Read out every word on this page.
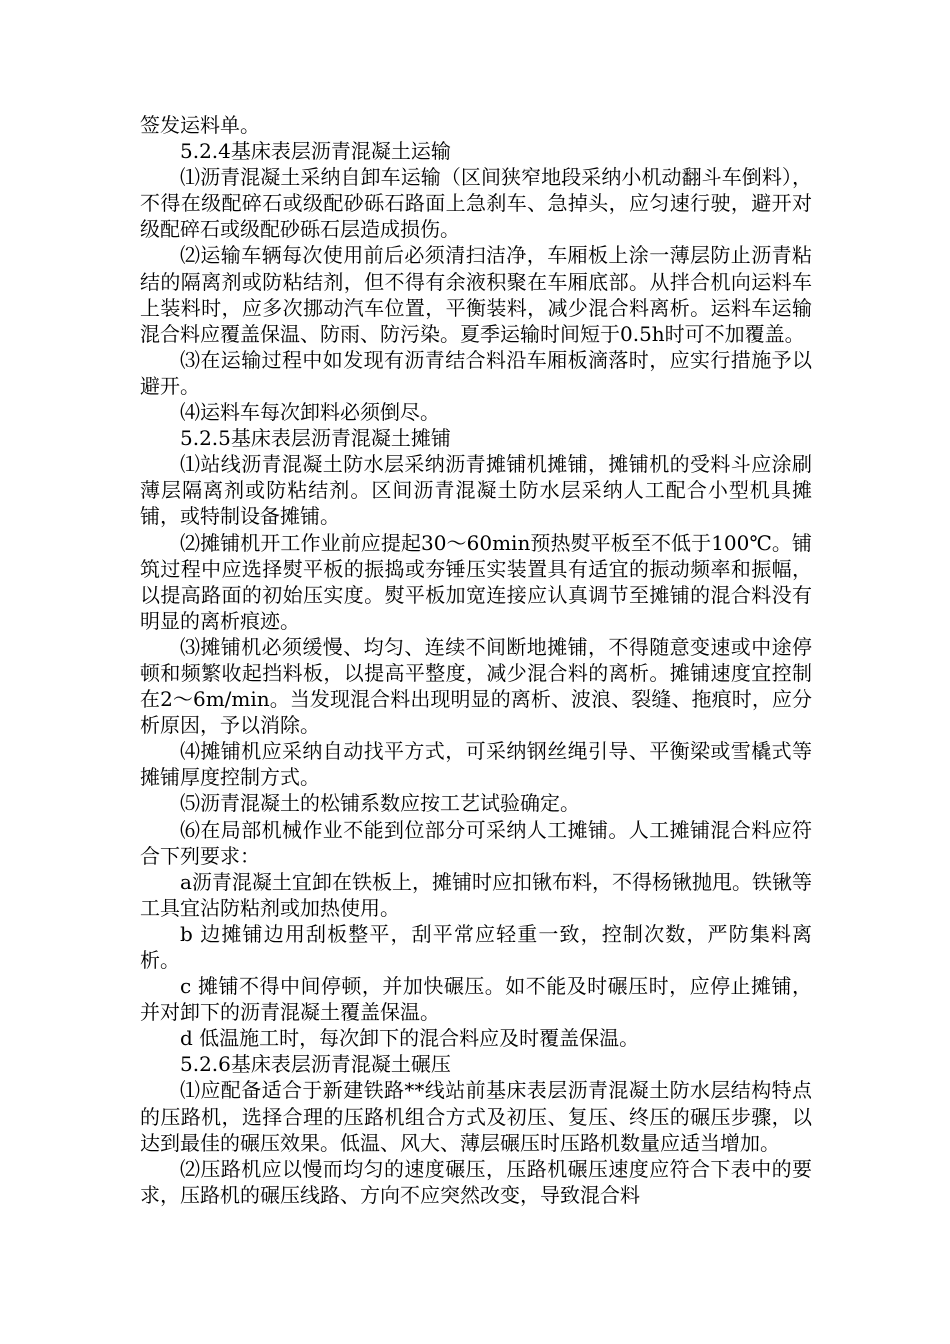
签发运料单。

5.2.4基床表层沥青混凝土运输

⑴沥青混凝土采纳自卸车运输（区间狭窄地段采纳小机动翻斗车倒料），不得在级配碎石或级配砂砾石路面上急刹车、急掉头，应匀速行驶，避开对级配碎石或级配砂砾石层造成损伤。

⑵运输车辆每次使用前后必须清扫洁净，车厢板上涂一薄层防止沥青粘结的隔离剂或防粘结剂，但不得有余液积聚在车厢底部。从拌合机向运料车上装料时，应多次挪动汽车位置，平衡装料，减少混合料离析。运料车运输混合料应覆盖保温、防雨、防污染。夏季运输时间短于0.5h时可不加覆盖。

⑶在运输过程中如发现有沥青结合料沿车厢板滴落时，应实行措施予以避开。

⑷运料车每次卸料必须倒尽。

5.2.5基床表层沥青混凝土摊铺

⑴站线沥青混凝土防水层采纳沥青摊铺机摊铺，摊铺机的受料斗应涂刷薄层隔离剂或防粘结剂。区间沥青混凝土防水层采纳人工配合小型机具摊铺，或特制设备摊铺。

⑵摊铺机开工作业前应提起30～60min预热熨平板至不低于100℃。铺筑过程中应选择熨平板的振捣或夯锤压实装置具有适宜的振动频率和振幅，以提高路面的初始压实度。熨平板加宽连接应认真调节至摊铺的混合料没有明显的离析痕迹。

⑶摊铺机必须缓慢、均匀、连续不间断地摊铺，不得随意变速或中途停顿和频繁收起挡料板，以提高平整度，减少混合料的离析。摊铺速度宜控制在2～6m/min。当发现混合料出现明显的离析、波浪、裂缝、拖痕时，应分析原因，予以消除。

⑷摊铺机应采纳自动找平方式，可采纳钢丝绳引导、平衡梁或雪橇式等摊铺厚度控制方式。

⑸沥青混凝土的松铺系数应按工艺试验确定。

⑹在局部机械作业不能到位部分可采纳人工摊铺。人工摊铺混合料应符合下列要求：

a沥青混凝土宜卸在铁板上，摊铺时应扣锹布料，不得杨锹抛甩。铁锹等工具宜沾防粘剂或加热使用。

b 边摊铺边用刮板整平，刮平常应轻重一致，控制次数，严防集料离析。

c 摊铺不得中间停顿，并加快碾压。如不能及时碾压时，应停止摊铺，并对卸下的沥青混凝土覆盖保温。

d 低温施工时，每次卸下的混合料应及时覆盖保温。

5.2.6基床表层沥青混凝土碾压

⑴应配备适合于新建铁路**线站前基床表层沥青混凝土防水层结构特点的压路机，选择合理的压路机组合方式及初压、复压、终压的碾压步骤，以达到最佳的碾压效果。低温、风大、薄层碾压时压路机数量应适当增加。

⑵压路机应以慢而均匀的速度碾压，压路机碾压速度应符合下表中的要求，压路机的碾压线路、方向不应突然改变，导致混合料
